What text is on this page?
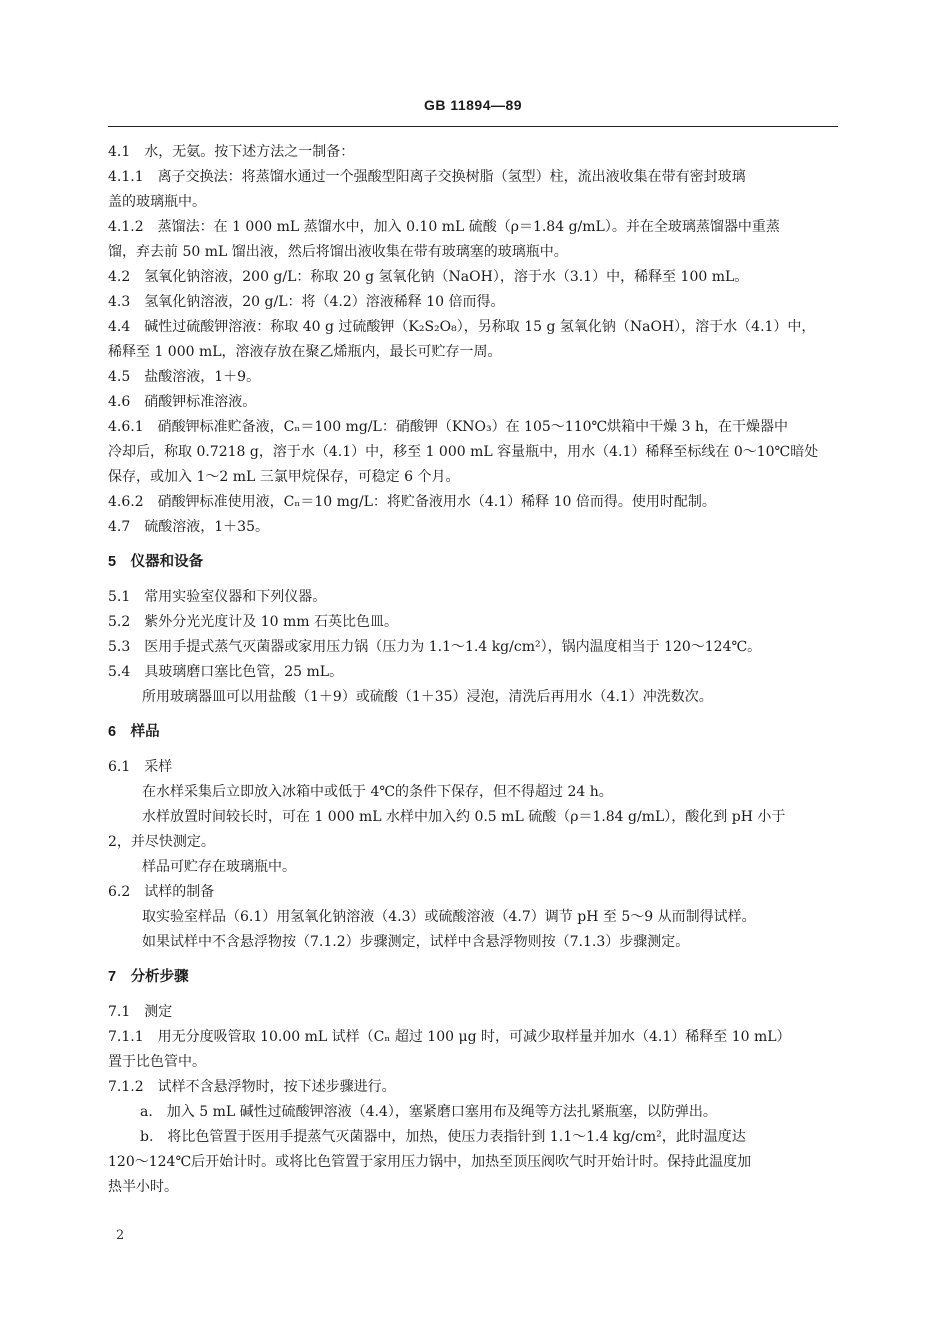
GB 11894—89
4.1　水，无氨。按下述方法之一制备：
4.1.1　离子交换法：将蒸馏水通过一个强酸型阳离子交换树脂（氢型）柱，流出液收集在带有密封玻璃
盖的玻璃瓶中。
4.1.2　蒸馏法：在 1 000 mL 蒸馏水中，加入 0.10 mL 硫酸（ρ＝1.84 g/mL）。并在全玻璃蒸馏器中重蒸
馏，弃去前 50 mL 馏出液，然后将馏出液收集在带有玻璃塞的玻璃瓶中。
4.2　氢氧化钠溶液，200 g/L：称取 20 g 氢氧化钠（NaOH），溶于水（3.1）中，稀释至 100 mL。
4.3　氢氧化钠溶液，20 g/L：将（4.2）溶液稀释 10 倍而得。
4.4　碱性过硫酸钾溶液：称取 40 g 过硫酸钾（K₂S₂O₈），另称取 15 g 氢氧化钠（NaOH），溶于水（4.1）中，
稀释至 1 000 mL，溶液存放在聚乙烯瓶内，最长可贮存一周。
4.5　盐酸溶液，1＋9。
4.6　硝酸钾标准溶液。
4.6.1　硝酸钾标准贮备液，Cₙ＝100 mg/L：硝酸钾（KNO₃）在 105～110℃烘箱中干燥 3 h，在干燥器中
冷却后，称取 0.7218 g，溶于水（4.1）中，移至 1 000 mL 容量瓶中，用水（4.1）稀释至标线在 0～10℃暗处
保存，或加入 1～2 mL 三氯甲烷保存，可稳定 6 个月。
4.6.2　硝酸钾标准使用液，Cₙ＝10 mg/L：将贮备液用水（4.1）稀释 10 倍而得。使用时配制。
4.7　硫酸溶液，1＋35。
5　仪器和设备
5.1　常用实验室仪器和下列仪器。
5.2　紫外分光光度计及 10 mm 石英比色皿。
5.3　医用手提式蒸气灭菌器或家用压力锅（压力为 1.1～1.4 kg/cm²），锅内温度相当于 120～124℃。
5.4　具玻璃磨口塞比色管，25 mL。
所用玻璃器皿可以用盐酸（1＋9）或硫酸（1＋35）浸泡，清洗后再用水（4.1）冲洗数次。
6　样品
6.1　采样
在水样采集后立即放入冰箱中或低于 4℃的条件下保存，但不得超过 24 h。
水样放置时间较长时，可在 1 000 mL 水样中加入约 0.5 mL 硫酸（ρ＝1.84 g/mL），酸化到 pH 小于
2，并尽快测定。
样品可贮存在玻璃瓶中。
6.2　试样的制备
取实验室样品（6.1）用氢氧化钠溶液（4.3）或硫酸溶液（4.7）调节 pH 至 5～9 从而制得试样。
如果试样中不含悬浮物按（7.1.2）步骤测定，试样中含悬浮物则按（7.1.3）步骤测定。
7　分析步骤
7.1　测定
7.1.1　用无分度吸管取 10.00 mL 试样（Cₙ 超过 100 μg 时，可减少取样量并加水（4.1）稀释至 10 mL）
置于比色管中。
7.1.2　试样不含悬浮物时，按下述步骤进行。
a.　加入 5 mL 碱性过硫酸钾溶液（4.4），塞紧磨口塞用布及绳等方法扎紧瓶塞，以防弹出。
b.　将比色管置于医用手提蒸气灭菌器中，加热，使压力表指针到 1.1～1.4 kg/cm²，此时温度达
120～124℃后开始计时。或将比色管置于家用压力锅中，加热至顶压阀吹气时开始计时。保持此温度加
热半小时。
2
